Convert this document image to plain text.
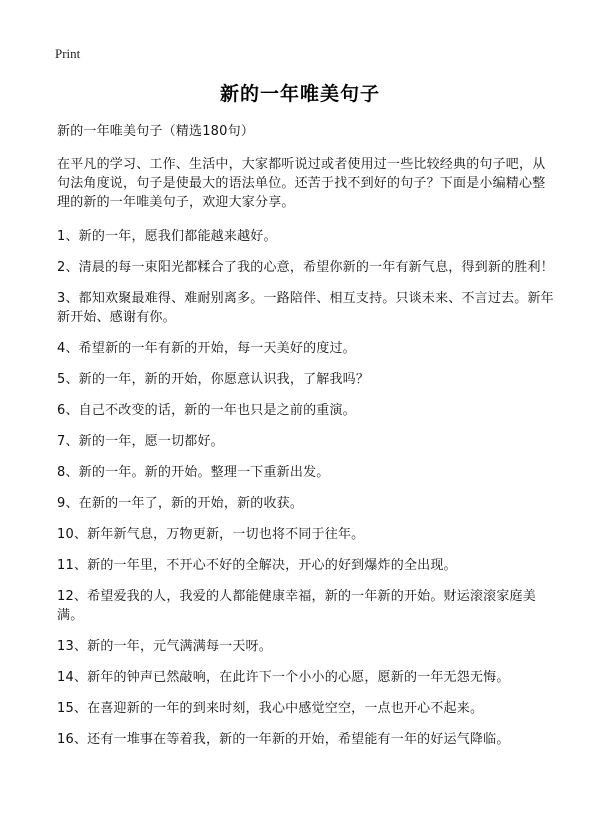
Print
新的一年唯美句子

新的一年唯美句子（精选180句）

在平凡的学习、工作、生活中，大家都听说过或者使用过一些比较经典的句子吧，从句法角度说，句子是使最大的语法单位。还苦于找不到好的句子？下面是小编精心整理的新的一年唯美句子，欢迎大家分享。

1、新的一年，愿我们都能越来越好。

2、清晨的每一束阳光都糅合了我的心意，希望你新的一年有新气息，得到新的胜利！

3、都知欢聚最难得、难耐别离多。一路陪伴、相互支持。只谈未来、不言过去。新年新开始、感谢有你。

4、希望新的一年有新的开始，每一天美好的度过。

5、新的一年，新的开始，你愿意认识我，了解我吗？

6、自己不改变的话，新的一年也只是之前的重演。

7、新的一年，愿一切都好。

8、新的一年。新的开始。整理一下重新出发。

9、在新的一年了，新的开始，新的收获。

10、新年新气息，万物更新，一切也将不同于往年。

11、新的一年里，不开心不好的全解决，开心的好到爆炸的全出现。

12、希望爱我的人，我爱的人都能健康幸福，新的一年新的开始。财运滚滚家庭美满。

13、新的一年，元气满满每一天呀。

14、新年的钟声已然敲响，在此许下一个小小的心愿，愿新的一年无怨无悔。

15、在喜迎新的一年的到来时刻，我心中感觉空空，一点也开心不起来。

16、还有一堆事在等着我，新的一年新的开始，希望能有一年的好运气降临。
